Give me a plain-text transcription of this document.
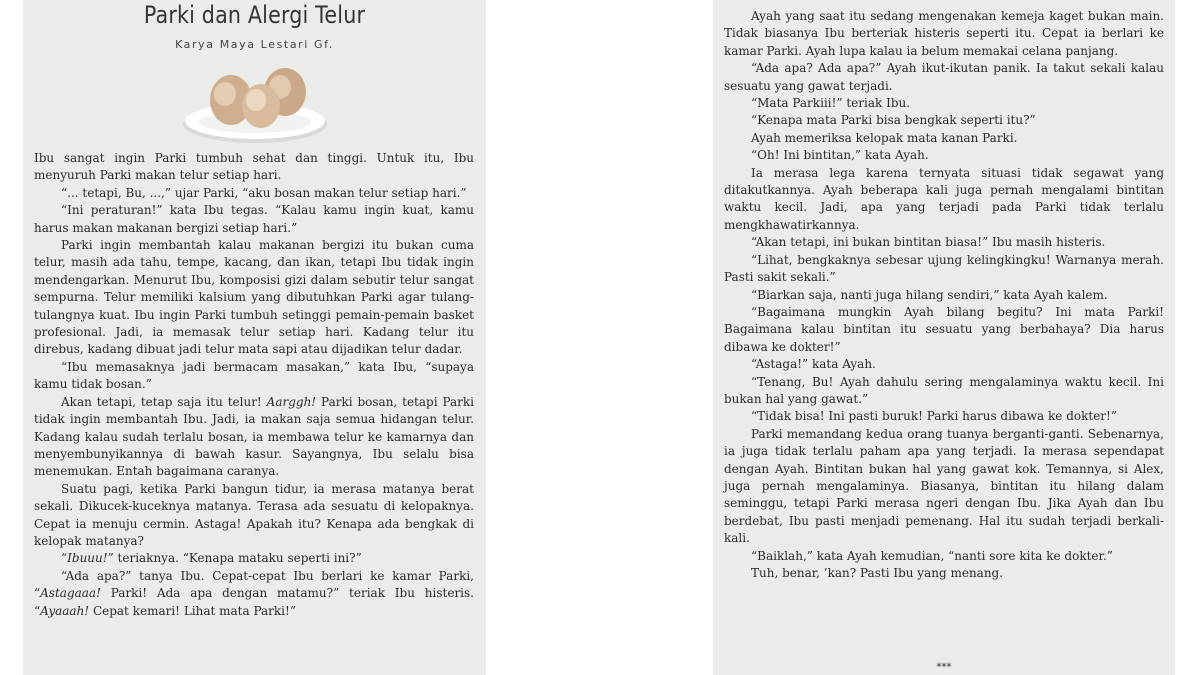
Parki dan Alergi Telur
Karya Maya Lestari Gf.

Ibu sangat ingin Parki tumbuh sehat dan tinggi. Untuk itu, Ibu menyuruh Parki makan telur setiap hari.

“... tetapi, Bu, ...,” ujar Parki, “aku bosan makan telur setiap hari.”

“Ini peraturan!” kata Ibu tegas. “Kalau kamu ingin kuat, kamu harus makan makanan bergizi setiap hari.”

Parki ingin membantah kalau makanan bergizi itu bukan cuma telur, masih ada tahu, tempe, kacang, dan ikan, tetapi Ibu tidak ingin mendengarkan. Menurut Ibu, komposisi gizi dalam sebutir telur sangat sempurna. Telur memiliki kalsium yang dibutuhkan Parki agar tulang-tulangnya kuat. Ibu ingin Parki tumbuh setinggi pemain-pemain basket profesional. Jadi, ia memasak telur setiap hari. Kadang telur itu direbus, kadang dibuat jadi telur mata sapi atau dijadikan telur dadar.

“Ibu memasaknya jadi bermacam masakan,” kata Ibu, “supaya kamu tidak bosan.”

Akan tetapi, tetap saja itu telur! Aarggh! Parki bosan, tetapi Parki tidak ingin membantah Ibu. Jadi, ia makan saja semua hidangan telur. Kadang kalau sudah terlalu bosan, ia membawa telur ke kamarnya dan menyembunyikannya di bawah kasur. Sayangnya, Ibu selalu bisa menemukan. Entah bagaimana caranya.

Suatu pagi, ketika Parki bangun tidur, ia merasa matanya berat sekali. Dikucek-kuceknya matanya. Terasa ada sesuatu di kelopaknya. Cepat ia menuju cermin. Astaga! Apakah itu? Kenapa ada bengkak di kelopak matanya?

“Ibuuu!” teriaknya. “Kenapa mataku seperti ini?”

“Ada apa?” tanya Ibu. Cepat-cepat Ibu berlari ke kamar Parki, “Astagaaa! Parki! Ada apa dengan matamu?” teriak Ibu histeris. “Ayaaah! Cepat kemari! Lihat mata Parki!”

Ayah yang saat itu sedang mengenakan kemeja kaget bukan main. Tidak biasanya Ibu berteriak histeris seperti itu. Cepat ia berlari ke kamar Parki. Ayah lupa kalau ia belum memakai celana panjang.

“Ada apa? Ada apa?” Ayah ikut-ikutan panik. Ia takut sekali kalau sesuatu yang gawat terjadi.

“Mata Parkiii!” teriak Ibu.

“Kenapa mata Parki bisa bengkak seperti itu?”

Ayah memeriksa kelopak mata kanan Parki.

“Oh! Ini bintitan,” kata Ayah.

Ia merasa lega karena ternyata situasi tidak segawat yang ditakutkannya. Ayah beberapa kali juga pernah mengalami bintitan waktu kecil. Jadi, apa yang terjadi pada Parki tidak terlalu mengkhawatirkannya.

“Akan tetapi, ini bukan bintitan biasa!” Ibu masih histeris.

“Lihat, bengkaknya sebesar ujung kelingkingku! Warnanya merah. Pasti sakit sekali.”

“Biarkan saja, nanti juga hilang sendiri,” kata Ayah kalem.

“Bagaimana mungkin Ayah bilang begitu? Ini mata Parki! Bagaimana kalau bintitan itu sesuatu yang berbahaya? Dia harus dibawa ke dokter!”

“Astaga!” kata Ayah.

“Tenang, Bu! Ayah dahulu sering mengalaminya waktu kecil. Ini bukan hal yang gawat.”

“Tidak bisa! Ini pasti buruk! Parki harus dibawa ke dokter!”

Parki memandang kedua orang tuanya berganti-ganti. Sebenarnya, ia juga tidak terlalu paham apa yang terjadi. Ia merasa sependapat dengan Ayah. Bintitan bukan hal yang gawat kok. Temannya, si Alex, juga pernah mengalaminya. Biasanya, bintitan itu hilang dalam seminggu, tetapi Parki merasa ngeri dengan Ibu. Jika Ayah dan Ibu berdebat, Ibu pasti menjadi pemenang. Hal itu sudah terjadi berkali-kali.

“Baiklah,” kata Ayah kemudian, “nanti sore kita ke dokter.”

Tuh, benar, ’kan? Pasti Ibu yang menang.

***
